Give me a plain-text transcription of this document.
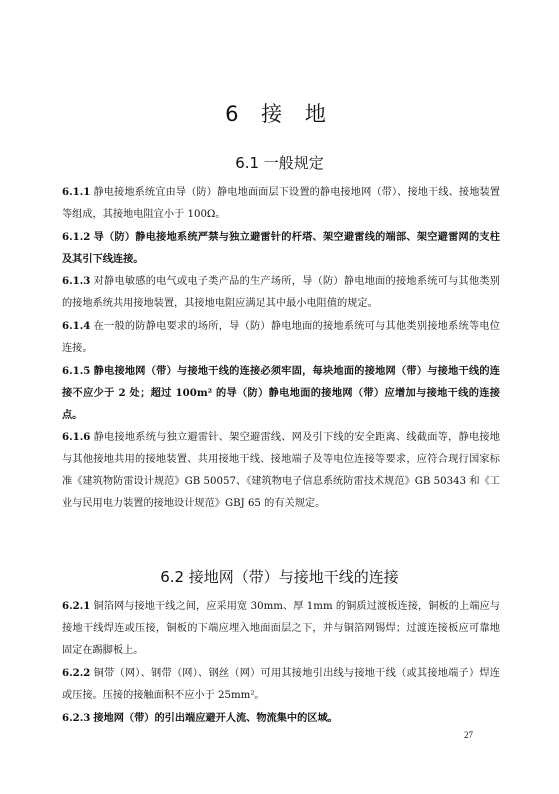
6 接 地
6.1 一般规定

6.1.1 静电接地系统宜由导（防）静电地面面层下设置的静电接地网（带）、接地干线、接地装置等组成，其接地电阻宜小于 100Ω。

6.1.2 导（防）静电接地系统严禁与独立避雷针的杆塔、架空避雷线的端部、架空避雷网的支柱及其引下线连接。

6.1.3 对静电敏感的电气或电子类产品的生产场所，导（防）静电地面的接地系统可与其他类别的接地系统共用接地装置，其接地电阻应满足其中最小电阻值的规定。

6.1.4 在一般的防静电要求的场所，导（防）静电地面的接地系统可与其他类别接地系统等电位连接。

6.1.5 静电接地网（带）与接地干线的连接必须牢固，每块地面的接地网（带）与接地干线的连接不应少于 2 处；超过 100m² 的导（防）静电地面的接地网（带）应增加与接地干线的连接点。

6.1.6 静电接地系统与独立避雷针、架空避雷线、网及引下线的安全距离、线截面等，静电接地与其他接地共用的接地装置、共用接地干线、接地端子及等电位连接等要求，应符合现行国家标准《建筑物防雷设计规范》GB 50057、《建筑物电子信息系统防雷技术规范》GB 50343 和《工业与民用电力装置的接地设计规范》GBJ 65 的有关规定。

6.2 接地网（带）与接地干线的连接

6.2.1 铜箔网与接地干线之间，应采用宽 30mm、厚 1mm 的铜质过渡板连接，铜板的上端应与接地干线焊连或压接，铜板的下端应埋入地面面层之下，并与铜箔网锡焊；过渡连接板应可靠地固定在踢脚板上。

6.2.2 铜带（网）、钢带（网）、钢丝（网）可用其接地引出线与接地干线（或其接地端子）焊连或压接。压接的接触面积不应小于 25mm²。

6.2.3 接地网（带）的引出端应避开人流、物流集中的区域。

27
